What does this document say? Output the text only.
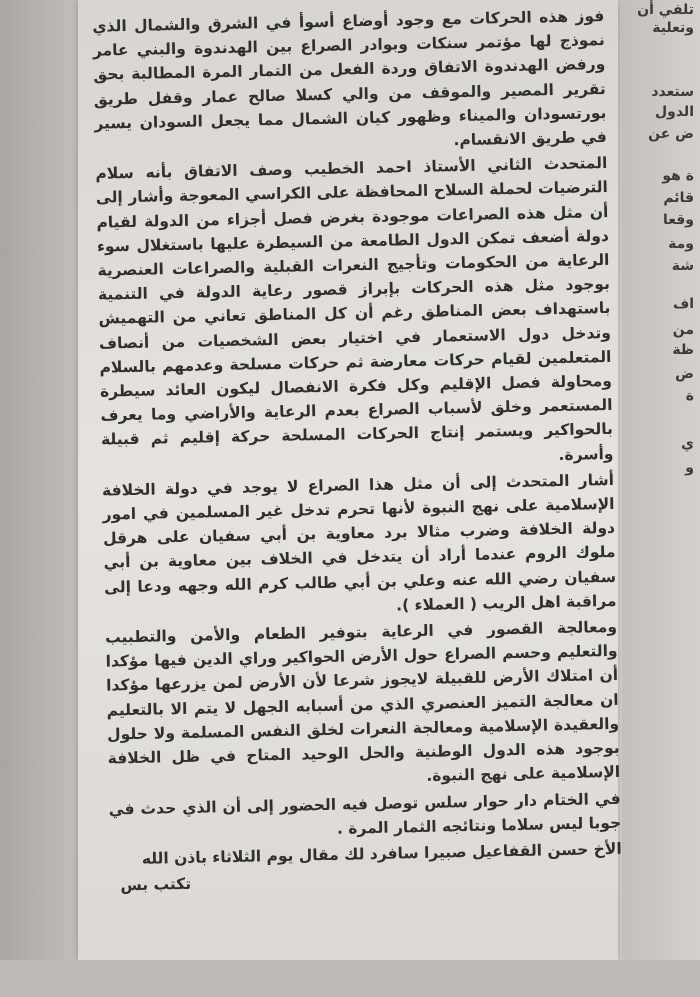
فوز هذه الحركات مع وجود أوضاع أسوأ في الشرق والشمال الذي نموذج لها مؤتمر سنكات وبوادر الصراع بين الهدندوة والبني عامر ورفض الهدندوة الاتفاق وردة الفعل من التمار المرة المطالبة بحق تقرير المصير والموقف من والي كسلا صالح عمار وقفل طريق بورتسودان والميناء وظهور كيان الشمال مما يجعل السودان يسير في طريق الانقسام.

المتحدث الثاني الأستاذ احمد الخطيب وصف الاتفاق بأنه سلام الترضيات لحملة السلاح المحافظة على الكراسي المعوجة وأشار إلى أن مثل هذه الصراعات موجودة بغرض فصل أجزاء من الدولة لقيام دولة أضعف تمكن الدول الطامعة من السيطرة عليها باستغلال سوء الرعاية من الحكومات وتأجيج النعرات القبلية والصراعات العنصرية بوجود مثل هذه الحركات بإبراز قصور رعاية الدولة في التنمية باستهداف بعض المناطق رغم أن كل المناطق تعاني من التهميش وتدخل دول الاستعمار في اختيار بعض الشخصيات من أنصاف المتعلمين لقيام حركات معارضة ثم حركات مسلحة وعدمهم بالسلام ومحاولة فصل الإقليم وكل فكرة الانفصال ليكون العائد سيطرة المستعمر وخلق لأسباب الصراع بعدم الرعاية والأراضي وما يعرف بالحواكير ويستمر إنتاج الحركات المسلحة حركة إقليم ثم قبيلة وأسرة.

أشار المتحدث إلى أن مثل هذا الصراع لا يوجد في دولة الخلافة الإسلامية على نهج النبوة لأنها تحرم تدخل غير المسلمين في امور دولة الخلافة وضرب مثالا برد معاوية بن أبي سفيان على هرقل ملوك الروم عندما أراد أن يتدخل في الخلاف بين معاوية بن أبي سفيان رضي الله عنه وعلي بن أبي طالب كرم الله وجهه ودعا إلى مراقبة اهل الريب ( العملاء ).

ومعالجة القصور في الرعاية بتوفير الطعام والأمن والتطبيب والتعليم وحسم الصراع حول الأرض الحواكير وراي الدين فيها مؤكدا أن امتلاك الأرض للقبيلة لايجوز شرعا لأن الأرض لمن يزرعها مؤكدا ان معالجة التميز العنصري الذي من أسبابه الجهل لا يتم الا بالتعليم والعقيدة الإسلامية ومعالجة النعرات لخلق النفس المسلمة ولا حلول بوجود هذه الدول الوطنية والحل الوحيد المتاح في ظل الخلافة الإسلامية على نهج النبوة.

في الختام دار حوار سلس توصل فيه الحضور إلى أن الذي حدث في جوبا ليس سلاما ونتائجه الثمار المرة .

الأخ حسن القفاعيل صبيرا سافرد لك مقال يوم الثلاثاء باذن الله

تكتب بس

تلفي أن
وتعلية
ستعدد
الدول
ض عن
ة هو
قائم
وقعا
ومة
شة
اف
من
ظة
ض
ة
ي
و
